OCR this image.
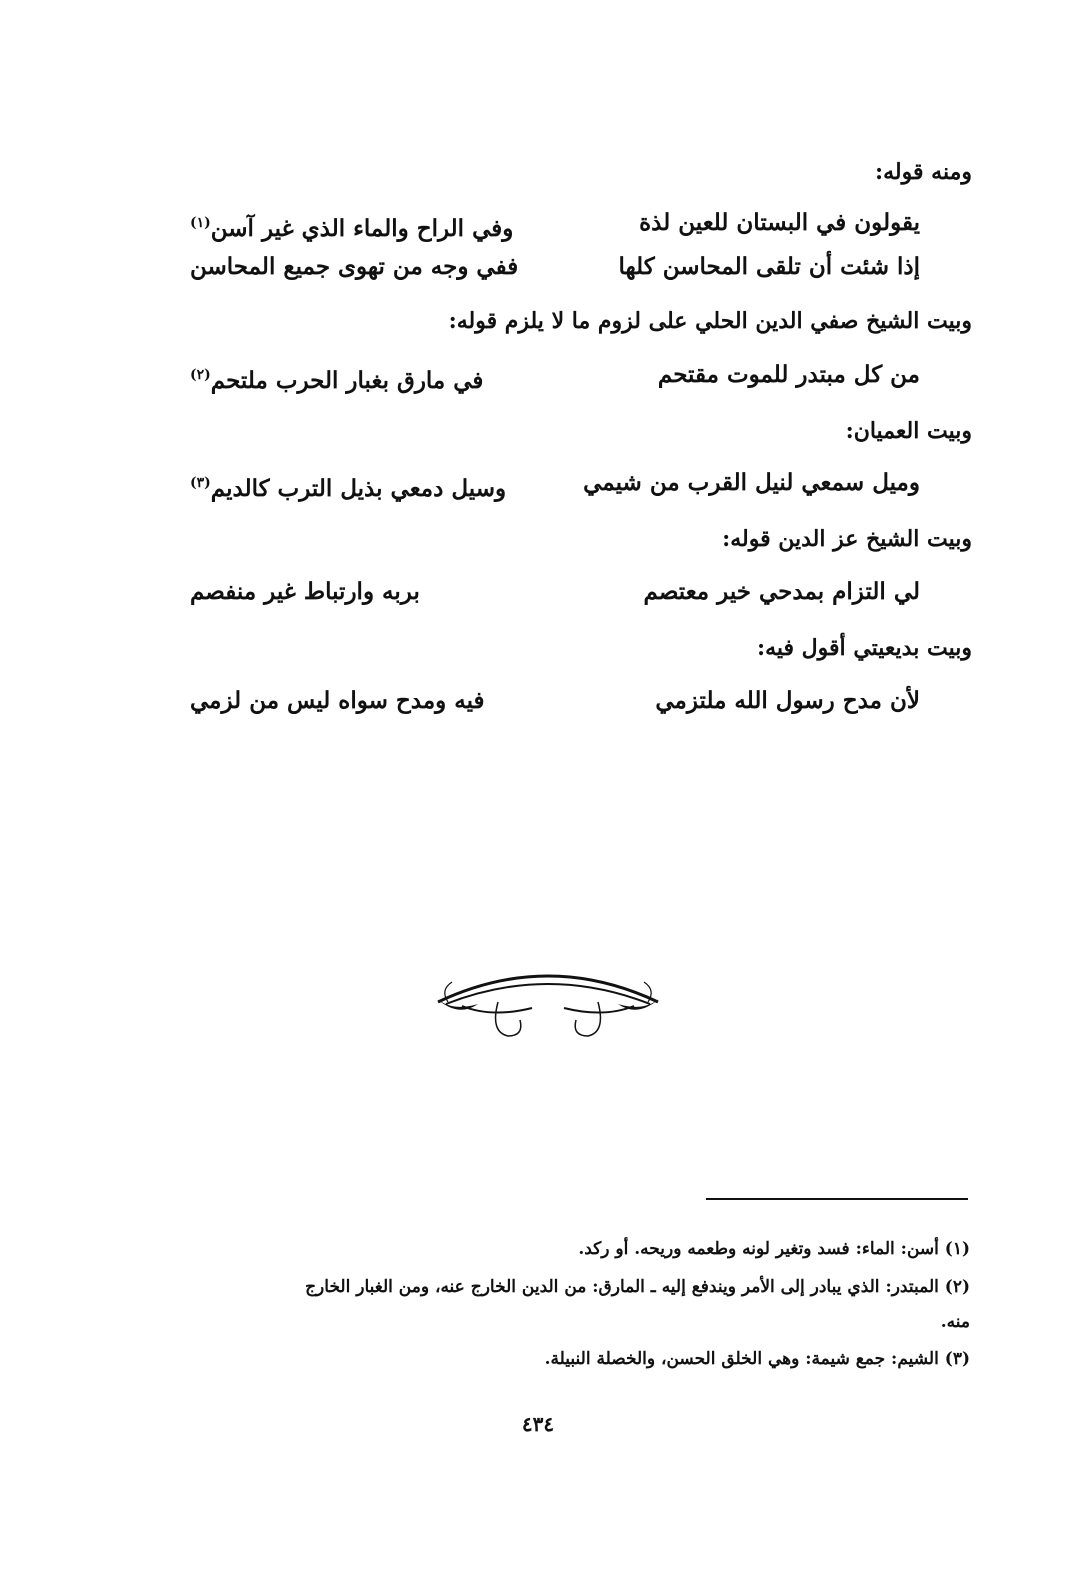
ومنه قوله:
يقولون في البستان للعين لذة
وفي الراح والماء الذي غير آسن$^{(١)}$
إذا شئت أن تلقى المحاسن كلها
ففي وجه من تهوى جميع المحاسن
وبيت الشيخ صفي الدين الحلي على لزوم ما لا يلزم قوله:
من كل مبتدر للموت مقتحم
في مارق بغبار الحرب ملتحم$^{(٢)}$
وبيت العميان:
وميل سمعي لنيل القرب من شيمي
وسيل دمعي بذيل الترب كالديم$^{(٣)}$
وبيت الشيخ عز الدين قوله:
لي التزام بمدحي خير معتصم
بربه وارتباط غير منفصم
وبيت بديعيتي أقول فيه:
لأن مدح رسول الله ملتزمي
فيه ومدح سواه ليس من لزمي
(١) أسن: الماء: فسد وتغير لونه وطعمه وريحه. أو ركد.
(٢) المبتدر: الذي يبادر إلى الأمر ويندفع إليه ـ المارق: من الدين الخارج عنه، ومن الغبار الخارج
منه.
(٣) الشيم: جمع شيمة: وهي الخلق الحسن، والخصلة النبيلة.
٤٣٤
